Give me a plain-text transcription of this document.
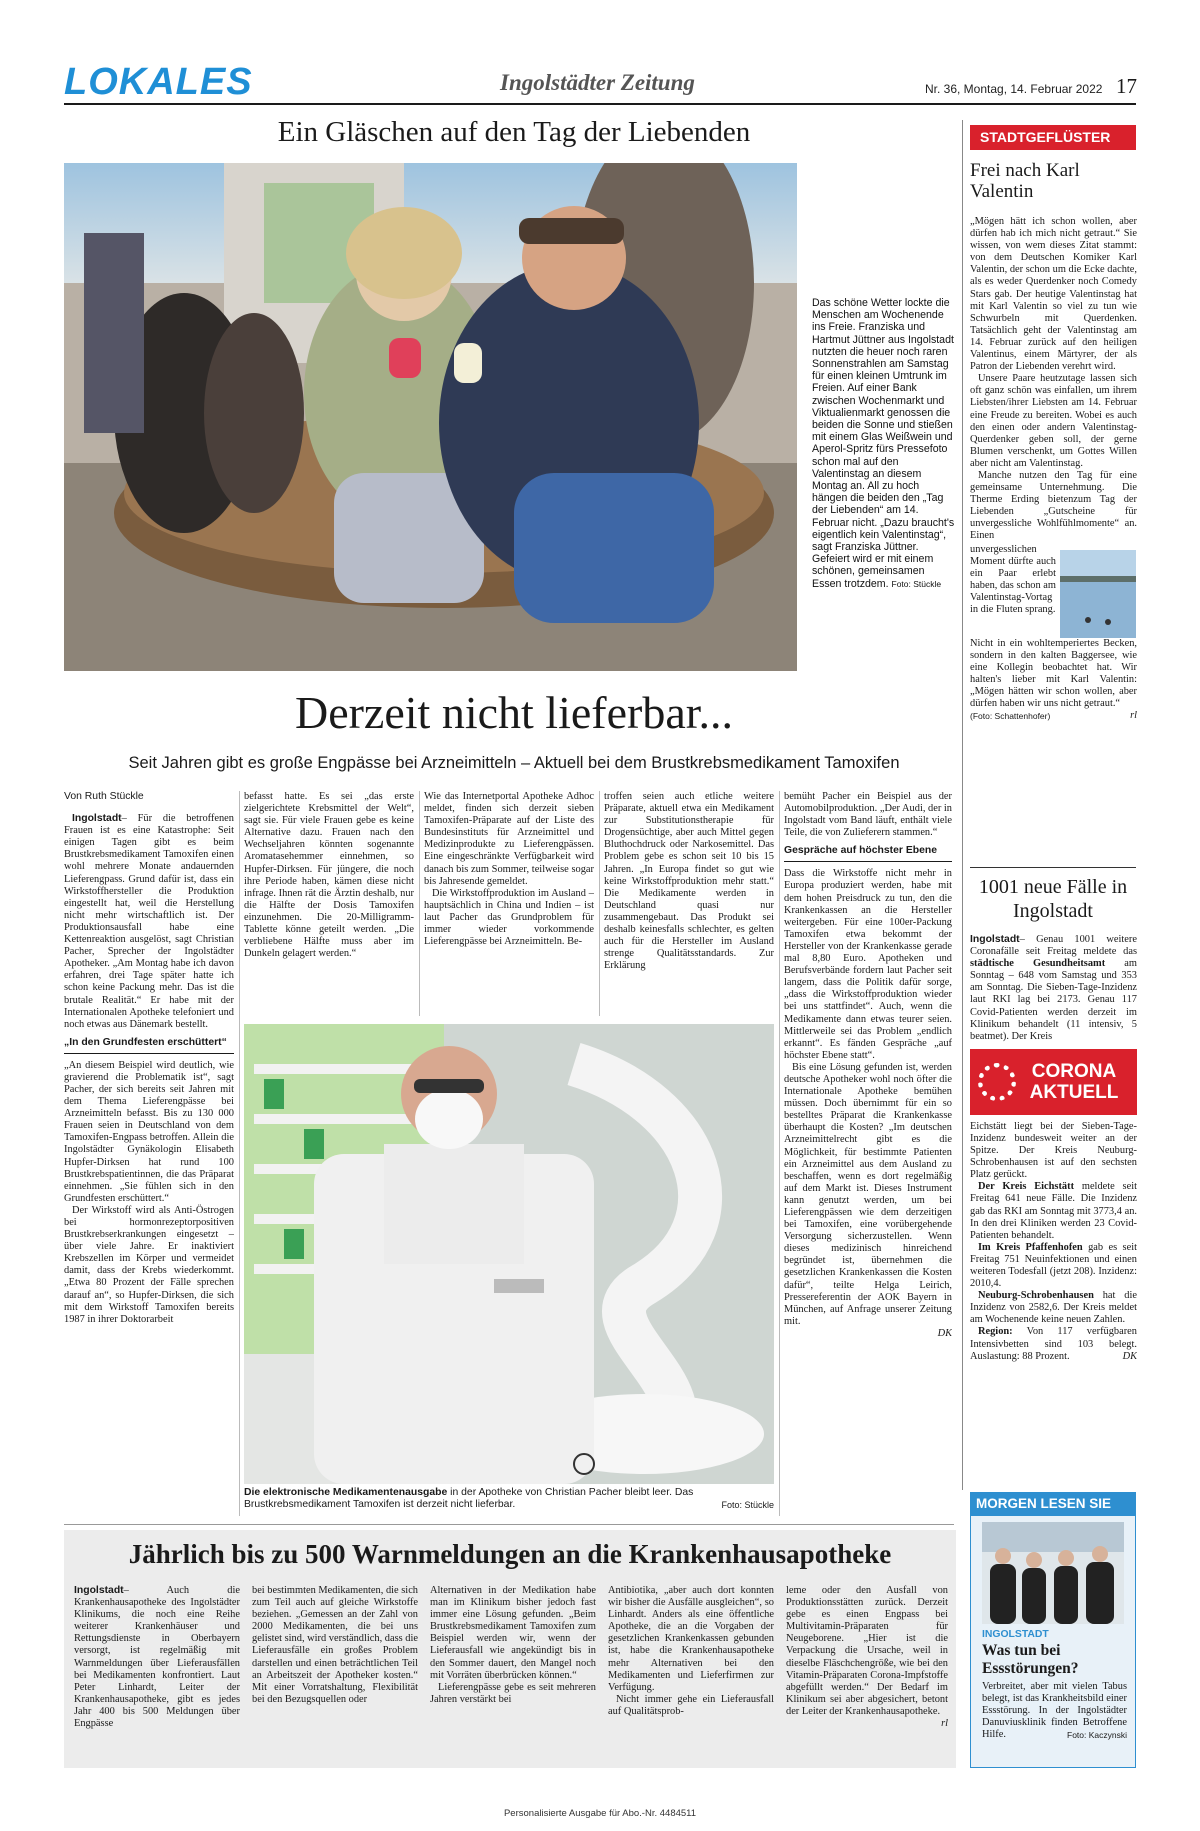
LOKALES	Ingolstädter Zeitung	Nr. 36, Montag, 14. Februar 2022 17
Ein Gläschen auf den Tag der Liebenden
Das schöne Wetter lockte die Menschen am Wochenende ins Freie. Franziska und Hartmut Jüttner aus Ingolstadt nutzten die heuer noch raren Sonnenstrahlen am Samstag für einen kleinen Umtrunk im Freien. Auf einer Bank zwischen Wochenmarkt und Viktualienmarkt genossen die beiden die Sonne und stießen mit einem Glas Weißwein und Aperol-Spritz fürs Pressefoto schon mal auf den Valentinstag an diesem Montag an. All zu hoch hängen die beiden den „Tag der Liebenden“ am 14. Februar nicht. „Dazu braucht's eigentlich kein Valentinstag“, sagt Franziska Jüttner. Gefeiert wird er mit einem schönen, gemeinsamen Essen trotzdem. Foto: Stückle
Derzeit nicht lieferbar...
Seit Jahren gibt es große Engpässe bei Arzneimitteln – Aktuell bei dem Brustkrebsmedikament Tamoxifen

Von Ruth Stückle

Ingolstadt– Für die betroffenen Frauen ist es eine Katastrophe: Seit einigen Tagen gibt es beim Brustkrebsmedikament Tamoxifen einen wohl mehrere Monate andauernden Lieferengpass. Grund dafür ist, dass ein Wirkstoffhersteller die Produktion eingestellt hat, weil die Herstellung nicht mehr wirtschaftlich ist. Der Produktionsausfall habe eine Kettenreaktion ausgelöst, sagt Christian Pacher, Sprecher der Ingolstädter Apotheker. „Am Montag habe ich davon erfahren, drei Tage später hatte ich schon keine Packung mehr. Das ist die brutale Realität.“ Er habe mit der Internationalen Apotheke telefoniert und noch etwas aus Dänemark bestellt.

„In den Grundfesten erschüttert“

„An diesem Beispiel wird deutlich, wie gravierend die Problematik ist“, sagt Pacher, der sich bereits seit Jahren mit dem Thema Lieferengpässe bei Arzneimitteln befasst. Bis zu 130 000 Frauen seien in Deutschland von dem Tamoxifen-Engpass betroffen. Allein die Ingolstädter Gynäkologin Elisabeth Hupfer-Dirksen hat rund 100 Brustkrebspatientinnen, die das Präparat einnehmen. „Sie fühlen sich in den Grundfesten erschüttert.“

Der Wirkstoff wird als Anti-Östrogen bei hormonrezeptorpositiven Brustkrebserkrankungen eingesetzt – über viele Jahre. Er inaktiviert Krebszellen im Körper und vermeidet damit, dass der Krebs wiederkommt. „Etwa 80 Prozent der Fälle sprechen darauf an“, so Hupfer-Dirksen, die sich mit dem Wirkstoff Tamoxifen bereits 1987 in ihrer Doktorarbeit

befasst hatte. Es sei „das erste zielgerichtete Krebsmittel der Welt“, sagt sie. Für viele Frauen gebe es keine Alternative dazu. Frauen nach den Wechseljahren könnten sogenannte Aromatasehemmer einnehmen, so Hupfer-Dirksen. Für jüngere, die noch ihre Periode haben, kämen diese nicht infrage. Ihnen rät die Ärztin deshalb, nur die Hälfte der Dosis Tamoxifen einzunehmen. Die 20-Milligramm-Tablette könne geteilt werden. „Die verbliebene Hälfte muss aber im Dunkeln gelagert werden.“

Wie das Internetportal Apotheke Adhoc meldet, finden sich derzeit sieben Tamoxifen-Präparate auf der Liste des Bundesinstituts für Arzneimittel und Medizinprodukte zu Lieferengpässen. Eine eingeschränkte Verfügbarkeit wird danach bis zum Sommer, teilweise sogar bis Jahresende gemeldet.

Die Wirkstoffproduktion im Ausland – hauptsächlich in China und Indien – ist laut Pacher das Grundproblem für immer wieder vorkommende Lieferengpässe bei Arzneimitteln. Be-

troffen seien auch etliche weitere Präparate, aktuell etwa ein Medikament zur Substitutionstherapie für Drogensüchtige, aber auch Mittel gegen Bluthochdruck oder Narkosemittel. Das Problem gebe es schon seit 10 bis 15 Jahren. „In Europa findet so gut wie keine Wirkstoffproduktion mehr statt.“ Die Medikamente werden in Deutschland quasi nur zusammengebaut. Das Produkt sei deshalb keinesfalls schlechter, es gelten auch für die Hersteller im Ausland strenge Qualitätsstandards. Zur Erklärung

bemüht Pacher ein Beispiel aus der Automobilproduktion. „Der Audi, der in Ingolstadt vom Band läuft, enthält viele Teile, die von Zulieferern stammen.“

Gespräche auf höchster Ebene

Dass die Wirkstoffe nicht mehr in Europa produziert werden, habe mit dem hohen Preisdruck zu tun, den die Krankenkassen an die Hersteller weitergeben. Für eine 100er-Packung Tamoxifen etwa bekommt der Hersteller von der Krankenkasse gerade mal 8,80 Euro. Apotheken und Berufsverbände fordern laut Pacher seit langem, dass die Politik dafür sorge, „dass die Wirkstoffproduktion wieder bei uns stattfindet“. Auch, wenn die Medikamente dann etwas teurer seien. Mittlerweile sei das Problem „endlich erkannt“. Es fänden Gespräche „auf höchster Ebene statt“.

Bis eine Lösung gefunden ist, werden deutsche Apotheker wohl noch öfter die Internationale Apotheke bemühen müssen. Doch übernimmt für ein so bestelltes Präparat die Krankenkasse überhaupt die Kosten? „Im deutschen Arzneimittelrecht gibt es die Möglichkeit, für bestimmte Patienten ein Arzneimittel aus dem Ausland zu beschaffen, wenn es dort regelmäßig auf dem Markt ist. Dieses Instrument kann genutzt werden, um bei Lieferengpässen wie dem derzeitigen bei Tamoxifen, eine vorübergehende Versorgung sicherzustellen. Wenn dieses medizinisch hinreichend begründet ist, übernehmen die gesetzlichen Krankenkassen die Kosten dafür“, teilte Helga Leirich, Pressereferentin der AOK Bayern in München, auf Anfrage unserer Zeitung mit.

DK

Die elektronische Medikamentenausgabe in der Apotheke von Christian Pacher bleibt leer. Das Brustkrebsmedikament Tamoxifen ist derzeit nicht lieferbar.	Foto: Stückle
STADTGEFLÜSTER
Frei nach Karl Valentin

„Mögen hätt ich schon wollen, aber dürfen hab ich mich nicht getraut.“ Sie wissen, von wem dieses Zitat stammt: von dem Deutschen Komiker Karl Valentin, der schon um die Ecke dachte, als es weder Querdenker noch Comedy Stars gab. Der heutige Valentinstag hat mit Karl Valentin so viel zu tun wie Schwurbeln mit Querdenken. Tatsächlich geht der Valentinstag am 14. Februar zurück auf den heiligen Valentinus, einem Märtyrer, der als Patron der Liebenden verehrt wird.

Unsere Paare heutzutage lassen sich oft ganz schön was einfallen, um ihrem Liebsten/ihrer Liebsten am 14. Februar eine Freude zu bereiten. Wobei es auch den einen oder andern Valentinstag-Querdenker geben soll, der gerne Blumen verschenkt, um Gottes Willen aber nicht am Valentinstag.

Manche nutzen den Tag für eine gemeinsame Unternehmung. Die Therme Erding bietenzum Tag der Liebenden „Gutscheine für unvergessliche Wohlfühlmomente“ an. Einen

unvergesslichen Moment dürfte auch ein Paar erlebt haben, das schon am Valentinstag-Vortag in die Fluten sprang.

Nicht in ein wohltemperiertes Becken, sondern in den kalten Baggersee, wie eine Kollegin beobachtet hat. Wir halten's lieber mit Karl Valentin: „Mögen hätten wir schon wollen, aber dürfen haben wir uns nicht getraut.“

(Foto: Schattenhofer)	rl

1001 neue Fälle in Ingolstadt

Ingolstadt– Genau 1001 weitere Coronafälle seit Freitag meldete das städtische Gesundheitsamt am Sonntag – 648 vom Samstag und 353 am Sonntag. Die Sieben-Tage-Inzidenz laut RKI lag bei 2173. Genau 117 Covid-Patienten werden derzeit im Klinikum behandelt (11 intensiv, 5 beatmet). Der Kreis

CORONA
AKTUELL

Eichstätt liegt bei der Sieben-Tage-Inzidenz bundesweit weiter an der Spitze. Der Kreis Neuburg-Schrobenhausen ist auf den sechsten Platz gerückt.

Der Kreis Eichstätt meldete seit Freitag 641 neue Fälle. Die Inzidenz gab das RKI am Sonntag mit 3773,4 an. In den drei Kliniken werden 23 Covid-Patienten behandelt.

Im Kreis Pfaffenhofen gab es seit Freitag 751 Neuinfektionen und einen weiteren Todesfall (jetzt 208). Inzidenz: 2010,4.

Neuburg-Schrobenhausen hat die Inzidenz von 2582,6. Der Kreis meldet am Wochenende keine neuen Zahlen.

Region: Von 117 verfügbaren Intensivbetten sind 103 belegt. Auslastung: 88 Prozent.	DK

Jährlich bis zu 500 Warnmeldungen an die Krankenhausapotheke

Ingolstadt– Auch die Krankenhausapotheke des Ingolstädter Klinikums, die noch eine Reihe weiterer Krankenhäuser und Rettungsdienste in Oberbayern versorgt, ist regelmäßig mit Warnmeldungen über Lieferausfällen bei Medikamenten konfrontiert. Laut Peter Linhardt, Leiter der Krankenhausapotheke, gibt es jedes Jahr 400 bis 500 Meldungen über Engpässe

bei bestimmten Medikamenten, die sich zum Teil auch auf gleiche Wirkstoffe beziehen. „Gemessen an der Zahl von 2000 Medikamenten, die bei uns gelistet sind, wird verständlich, dass die Lieferausfälle ein großes Problem darstellen und einen beträchtlichen Teil an Arbeitszeit der Apotheker kosten.“ Mit einer Vorratshaltung, Flexibilität bei den Bezugsquellen oder

Alternativen in der Medikation habe man im Klinikum bisher jedoch fast immer eine Lösung gefunden. „Beim Brustkrebsmedikament Tamoxifen zum Beispiel werden wir, wenn der Lieferausfall wie angekündigt bis in den Sommer dauert, den Mangel noch mit Vorräten überbrücken können.“

Lieferengpässe gebe es seit mehreren Jahren verstärkt bei

Antibiotika, „aber auch dort konnten wir bisher die Ausfälle ausgleichen“, so Linhardt. Anders als eine öffentliche Apotheke, die an die Vorgaben der gesetzlichen Krankenkassen gebunden ist, habe die Krankenhausapotheke mehr Alternativen bei den Medikamenten und Lieferfirmen zur Verfügung.

Nicht immer gehe ein Lieferausfall auf Qualitätsprob-

leme oder den Ausfall von Produktionsstätten zurück. Derzeit gebe es einen Engpass bei Multivitamin-Präparaten für Neugeborene. „Hier ist die Verpackung die Ursache, weil in dieselbe Fläschchengröße, wie bei den Vitamin-Präparaten Corona-Impfstoffe abgefüllt werden.“ Der Bedarf im Klinikum sei aber abgesichert, betont der Leiter der Krankenhausapotheke.

rl

MORGEN LESEN SIE
INGOLSTADT
Was tun bei Essstörungen?

Verbreitet, aber mit vielen Tabus belegt, ist das Krankheitsbild einer Essstörung. In der Ingolstädter Danuviusklinik finden Betroffene Hilfe.	Foto: Kaczynski

Personalisierte Ausgabe für Abo.-Nr. 4484511
